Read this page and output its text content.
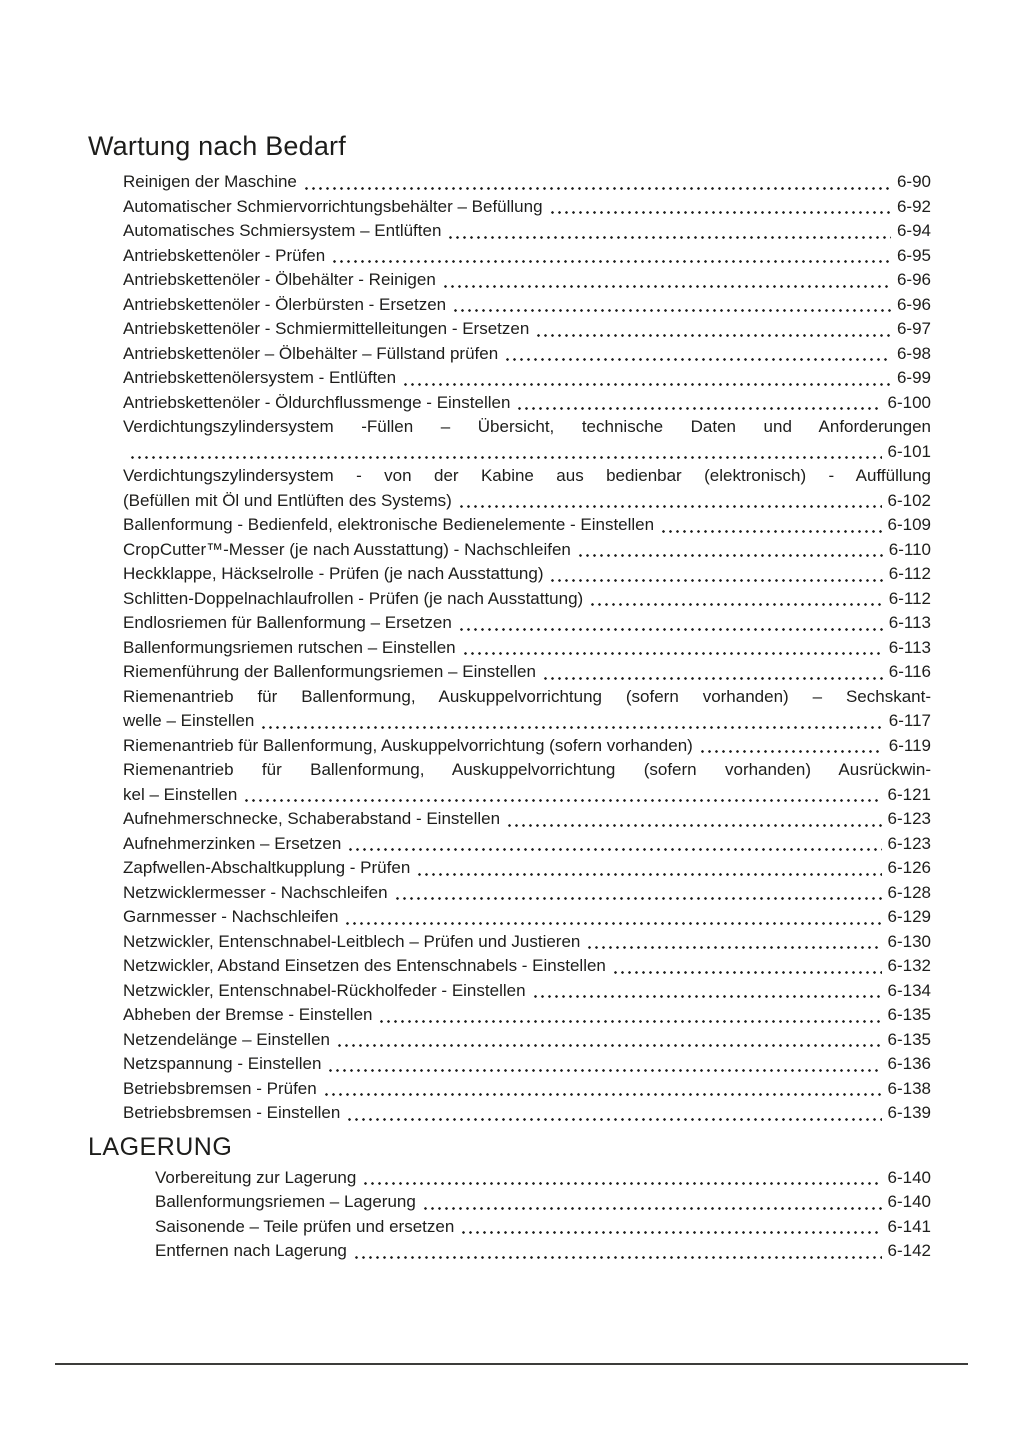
Wartung nach Bedarf
Reinigen der Maschine	6-90
Automatischer Schmiervorrichtungsbehälter – Befüllung	6-92
Automatisches Schmiersystem – Entlüften	6-94
Antriebskettenöler - Prüfen	6-95
Antriebskettenöler - Ölbehälter - Reinigen	6-96
Antriebskettenöler - Ölerbürsten - Ersetzen	6-96
Antriebskettenöler - Schmiermittelleitungen - Ersetzen	6-97
Antriebskettenöler – Ölbehälter – Füllstand prüfen	6-98
Antriebskettenölersystem - Entlüften	6-99
Antriebskettenöler - Öldurchflussmenge - Einstellen	6-100
Verdichtungszylindersystem -Füllen – Übersicht, technische Daten und Anforderungen
6-101
Verdichtungszylindersystem - von der Kabine aus bedienbar (elektronisch) - Auffüllung
(Befüllen mit Öl und Entlüften des Systems)	6-102
Ballenformung - Bedienfeld, elektronische Bedienelemente - Einstellen	6-109
CropCutter™-Messer (je nach Ausstattung) - Nachschleifen	6-110
Heckklappe, Häckselrolle - Prüfen (je nach Ausstattung)	6-112
Schlitten-Doppelnachlaufrollen - Prüfen (je nach Ausstattung)	6-112
Endlosriemen für Ballenformung – Ersetzen	6-113
Ballenformungsriemen rutschen – Einstellen	6-113
Riemenführung der Ballenformungsriemen – Einstellen	6-116
Riemenantrieb für Ballenformung, Auskuppelvorrichtung (sofern vorhanden) – Sechskant-
welle – Einstellen	6-117
Riemenantrieb für Ballenformung, Auskuppelvorrichtung (sofern vorhanden)	6-119
Riemenantrieb für Ballenformung, Auskuppelvorrichtung (sofern vorhanden) Ausrückwin-
kel – Einstellen	6-121
Aufnehmerschnecke, Schaberabstand - Einstellen	6-123
Aufnehmerzinken – Ersetzen	6-123
Zapfwellen-Abschaltkupplung - Prüfen	6-126
Netzwicklermesser - Nachschleifen	6-128
Garnmesser - Nachschleifen	6-129
Netzwickler, Entenschnabel-Leitblech – Prüfen und Justieren	6-130
Netzwickler, Abstand Einsetzen des Entenschnabels - Einstellen	6-132
Netzwickler, Entenschnabel-Rückholfeder - Einstellen	6-134
Abheben der Bremse - Einstellen	6-135
Netzendelänge – Einstellen	6-135
Netzspannung - Einstellen	6-136
Betriebsbremsen - Prüfen	6-138
Betriebsbremsen - Einstellen	6-139
LAGERUNG
Vorbereitung zur Lagerung	6-140
Ballenformungsriemen – Lagerung	6-140
Saisonende – Teile prüfen und ersetzen	6-141
Entfernen nach Lagerung	6-142
